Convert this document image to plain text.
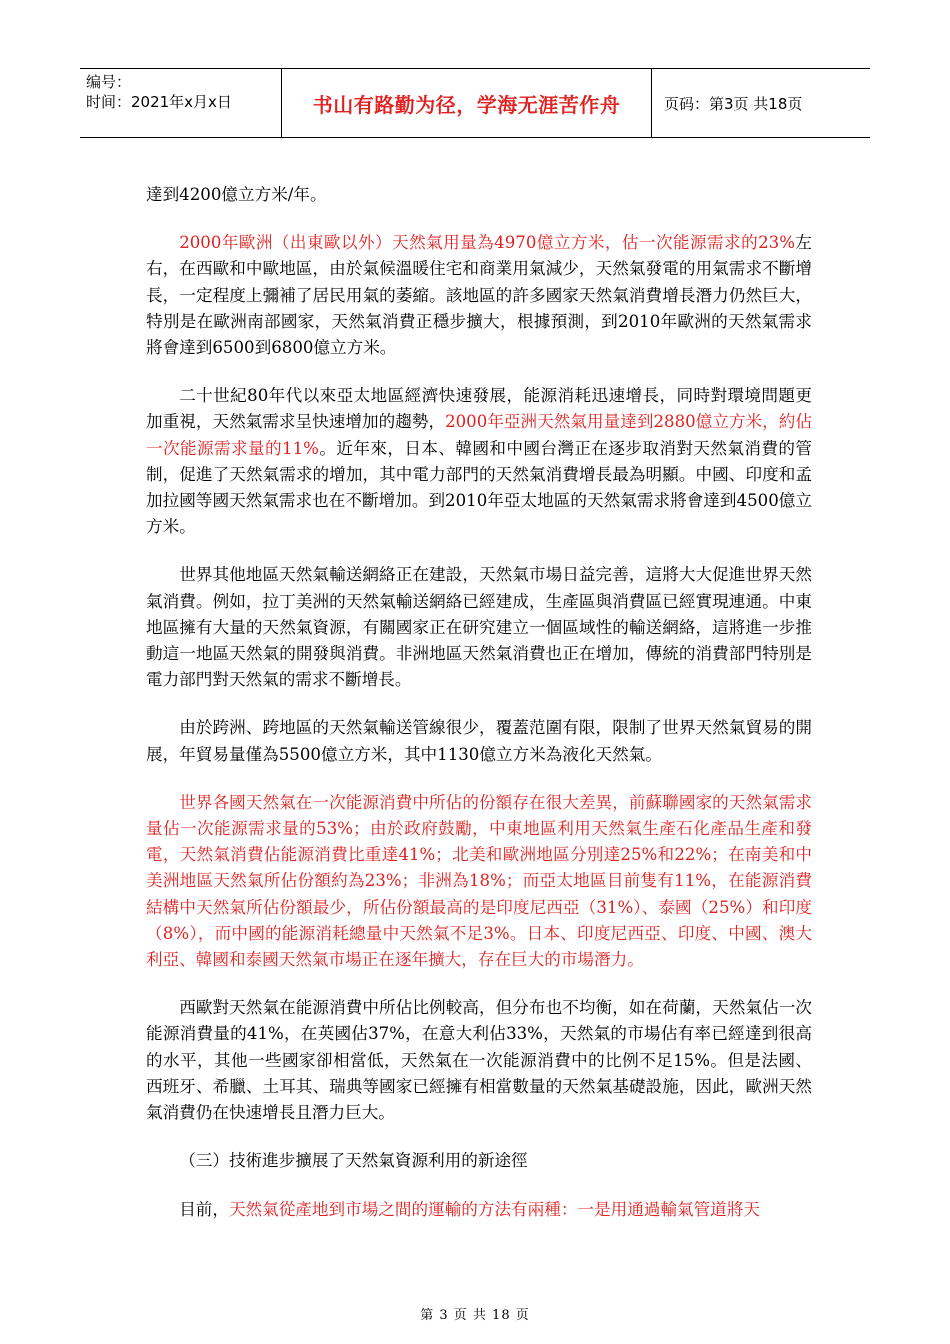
编号：
时间：2021年x月x日	书山有路勤为径，学海无涯苦作舟	页码：第3页 共18页

達到4200億立方米/年。

2000年歐洲（出東歐以外）天然氣用量為4970億立方米，估一次能源需求的23%左右，在西歐和中歐地區，由於氣候溫暖住宅和商業用氣減少，天然氣發電的用氣需求不斷增長，一定程度上彌補了居民用氣的萎縮。該地區的許多國家天然氣消費增長潛力仍然巨大，特別是在歐洲南部國家，天然氣消費正穩步擴大，根據預測，到2010年歐洲的天然氣需求將會達到6500到6800億立方米。

二十世紀80年代以來亞太地區經濟快速發展，能源消耗迅速增長，同時對環境問題更加重視，天然氣需求呈快速增加的趨勢，2000年亞洲天然氣用量達到2880億立方米，約佔一次能源需求量的11%。近年來，日本、韓國和中國台灣正在逐步取消對天然氣消費的管制，促進了天然氣需求的增加，其中電力部門的天然氣消費增長最為明顯。中國、印度和孟加拉國等國天然氣需求也在不斷增加。到2010年亞太地區的天然氣需求將會達到4500億立方米。

世界其他地區天然氣輸送網絡正在建設，天然氣市場日益完善，這將大大促進世界天然氣消費。例如，拉丁美洲的天然氣輸送網絡已經建成，生產區與消費區已經實現連通。中東地區擁有大量的天然氣資源，有關國家正在研究建立一個區域性的輸送網絡，這將進一步推動這一地區天然氣的開發與消費。非洲地區天然氣消費也正在增加，傳統的消費部門特別是電力部門對天然氣的需求不斷增長。

由於跨洲、跨地區的天然氣輸送管線很少，覆蓋范圍有限，限制了世界天然氣貿易的開展，年貿易量僅為5500億立方米，其中1130億立方米為液化天然氣。

世界各國天然氣在一次能源消費中所佔的份額存在很大差異，前蘇聯國家的天然氣需求量佔一次能源需求量的53%；由於政府鼓勵，中東地區利用天然氣生產石化產品生產和發電，天然氣消費佔能源消費比重達41%；北美和歐洲地區分別達25%和22%；在南美和中美洲地區天然氣所佔份額約為23%；非洲為18%；而亞太地區目前隻有11%，在能源消費結構中天然氣所佔份額最少，所佔份額最高的是印度尼西亞（31%）、泰國（25%）和印度（8%），而中國的能源消耗總量中天然氣不足3%。日本、印度尼西亞、印度、中國、澳大利亞、韓國和泰國天然氣市場正在逐年擴大，存在巨大的市場潛力。

西歐對天然氣在能源消費中所佔比例較高，但分布也不均衡，如在荷蘭，天然氣佔一次能源消費量的41%，在英國佔37%，在意大利佔33%，天然氣的市場佔有率已經達到很高的水平，其他一些國家卻相當低，天然氣在一次能源消費中的比例不足15%。但是法國、西班牙、希臘、土耳其、瑞典等國家已經擁有相當數量的天然氣基礎設施，因此，歐洲天然氣消費仍在快速增長且潛力巨大。

（三）技術進步擴展了天然氣資源利用的新途徑

目前，天然氣從產地到市場之間的運輸的方法有兩種：一是用通過輸氣管道將天

第 3 页 共 18 页
